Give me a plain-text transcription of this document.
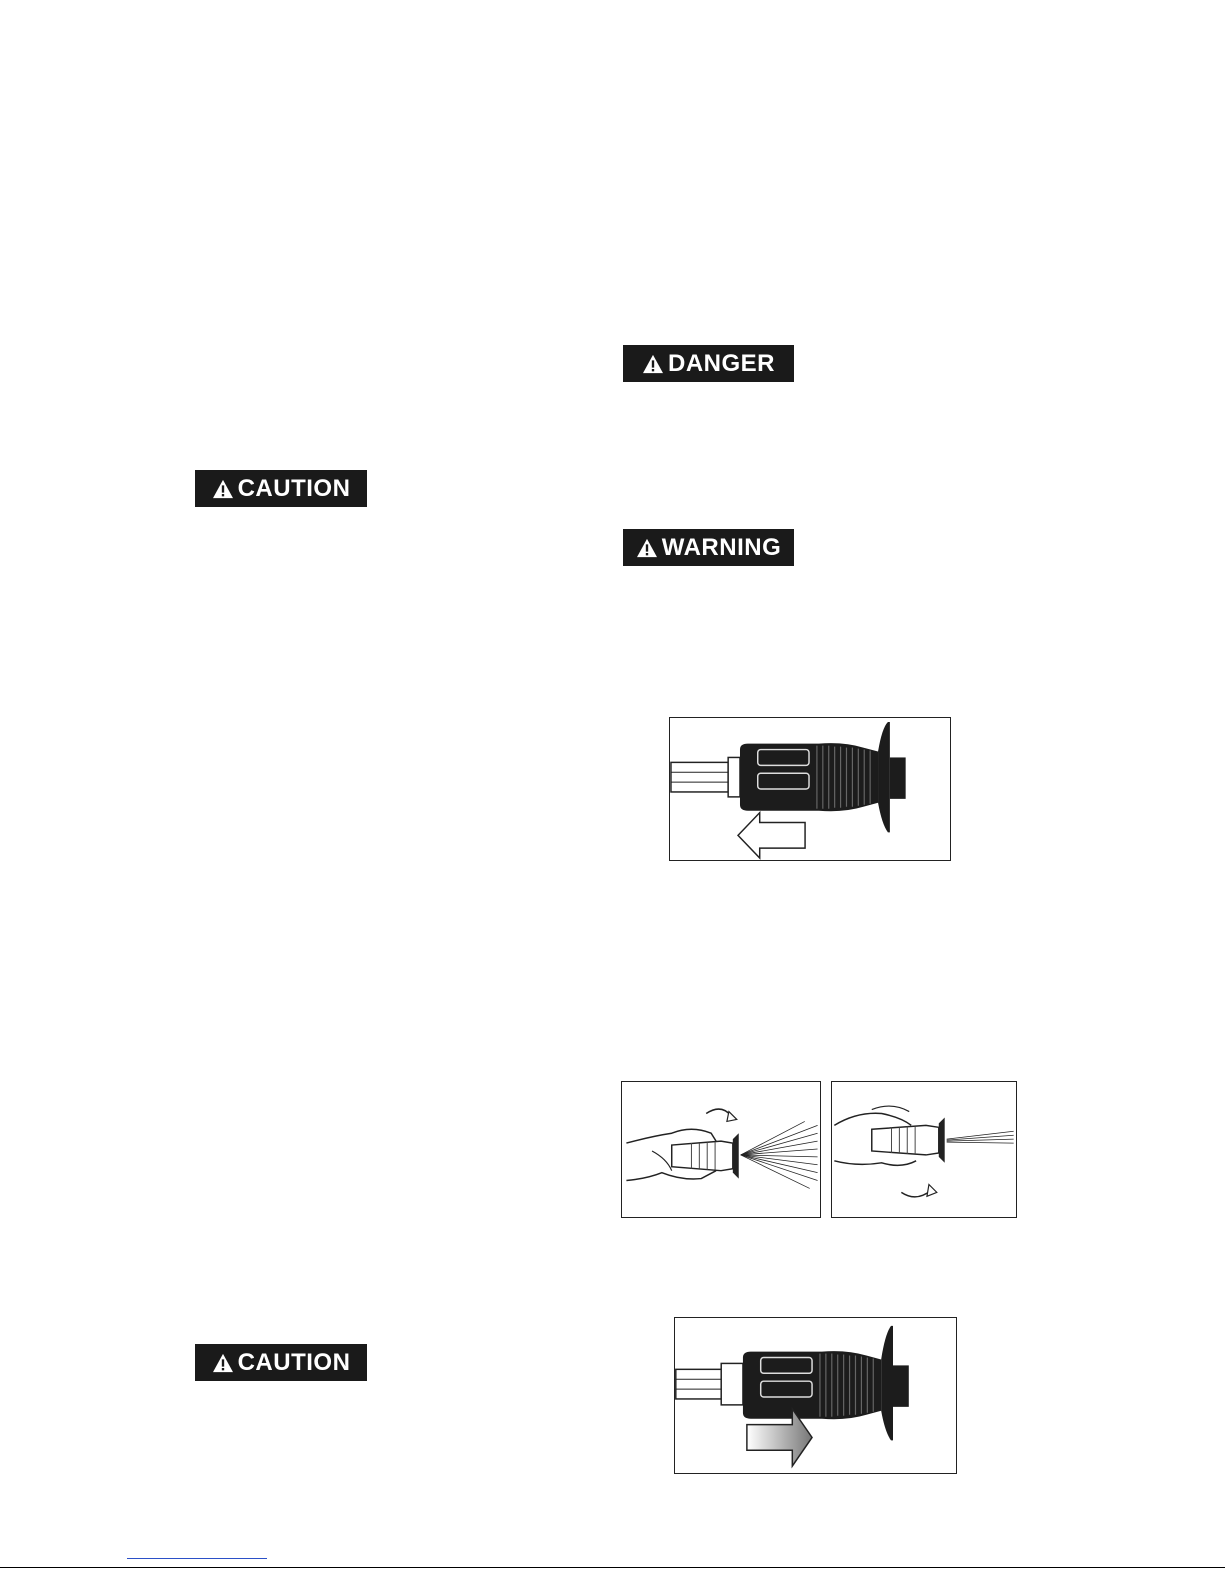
DANGER
WARNING
CAUTION
CAUTION
